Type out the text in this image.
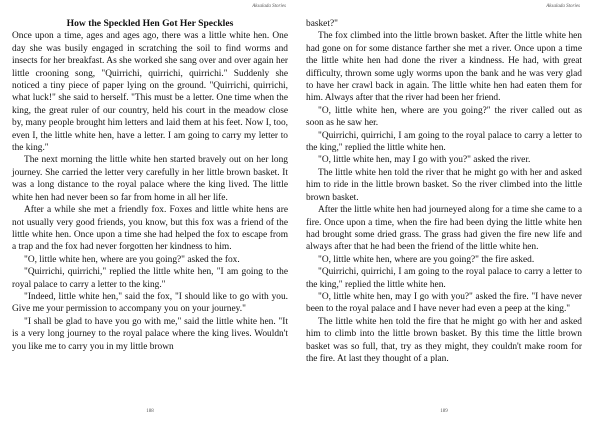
Aksalada Stories
How the Speckled Hen Got Her Speckles

Once upon a time, ages and ages ago, there was a little white hen. One day she was busily engaged in scratching the soil to find worms and insects for her breakfast. As she worked she sang over and over again her little crooning song, "Quirrichi, quirrichi, quirrichi." Suddenly she noticed a tiny piece of paper lying on the ground. "Quirrichi, quirrichi, what luck!" she said to herself. "This must be a letter. One time when the king, the great ruler of our country, held his court in the meadow close by, many people brought him letters and laid them at his feet. Now I, too, even I, the little white hen, have a letter. I am going to carry my letter to the king."

The next morning the little white hen started bravely out on her long journey. She carried the letter very carefully in her little brown basket. It was a long distance to the royal palace where the king lived. The little white hen had never been so far from home in all her life.

After a while she met a friendly fox. Foxes and little white hens are not usually very good friends, you know, but this fox was a friend of the little white hen. Once upon a time she had helped the fox to escape from a trap and the fox had never forgotten her kindness to him.

"O, little white hen, where are you going?" asked the fox.

"Quirrichi, quirrichi," replied the little white hen, "I am going to the royal palace to carry a letter to the king."

"Indeed, little white hen," said the fox, "I should like to go with you. Give me your permission to accompany you on your journey."

"I shall be glad to have you go with me," said the little white hen. "It is a very long journey to the royal palace where the king lives. Wouldn't you like me to carry you in my little brown

188
Aksalada Stories

basket?"

The fox climbed into the little brown basket. After the little white hen had gone on for some distance farther she met a river. Once upon a time the little white hen had done the river a kindness. He had, with great difficulty, thrown some ugly worms upon the bank and he was very glad to have her crawl back in again. The little white hen had eaten them for him. Always after that the river had been her friend.

"O, little white hen, where are you going?" the river called out as soon as he saw her.

"Quirrichi, quirrichi, I am going to the royal palace to carry a letter to the king," replied the little white hen.

"O, little white hen, may I go with you?" asked the river.

The little white hen told the river that he might go with her and asked him to ride in the little brown basket. So the river climbed into the little brown basket.

After the little white hen had journeyed along for a time she came to a fire. Once upon a time, when the fire had been dying the little white hen had brought some dried grass. The grass had given the fire new life and always after that he had been the friend of the little white hen.

"O, little white hen, where are you going?" the fire asked.

"Quirrichi, quirrichi, I am going to the royal palace to carry a letter to the king," replied the little white hen.

"O, little white hen, may I go with you?" asked the fire. "I have never been to the royal palace and I have never had even a peep at the king."

The little white hen told the fire that he might go with her and asked him to climb into the little brown basket. By this time the little brown basket was so full, that, try as they might, they couldn't make room for the fire. At last they thought of a plan.

189
